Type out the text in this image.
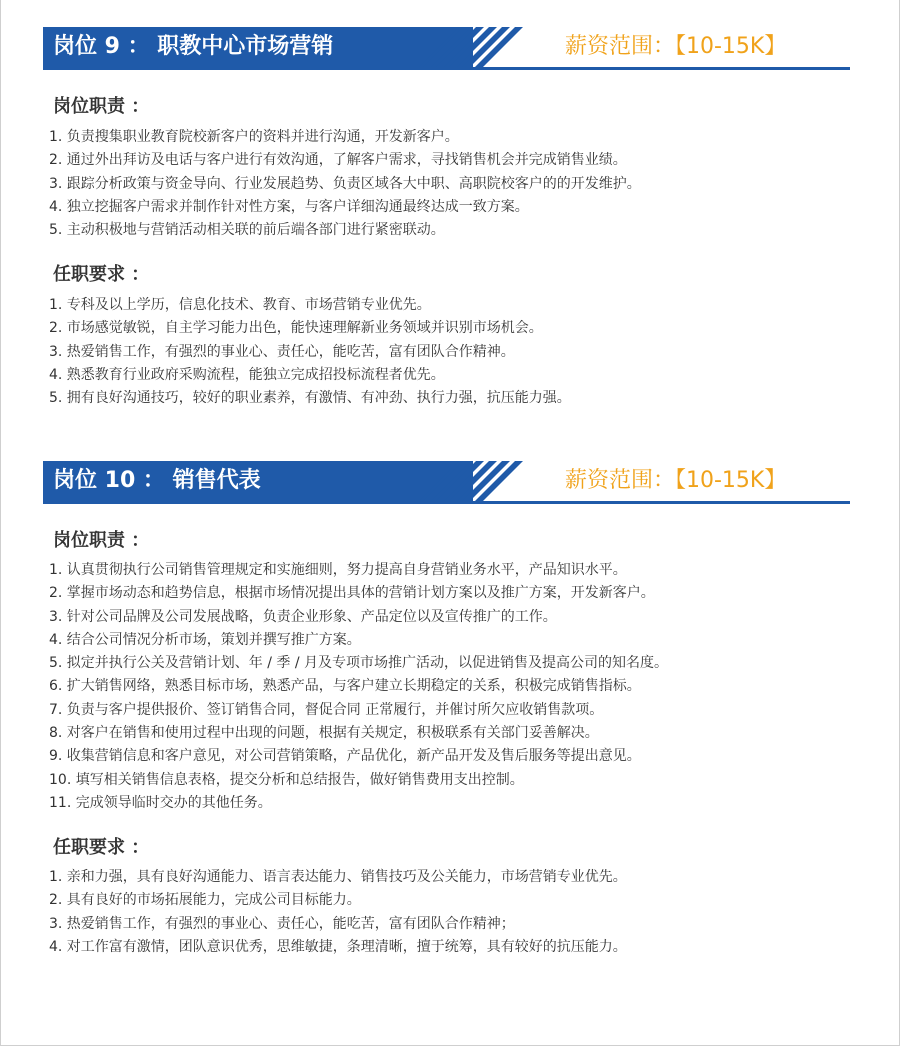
岗位 9 ： 职教中心市场营销	薪资范围：【10-15K】
岗位职责 ：
1. 负责搜集职业教育院校新客户的资料并进行沟通，开发新客户。
2. 通过外出拜访及电话与客户进行有效沟通，了解客户需求，寻找销售机会并完成销售业绩。
3. 跟踪分析政策与资金导向、行业发展趋势、负责区域各大中职、高职院校客户的的开发维护。
4. 独立挖掘客户需求并制作针对性方案，与客户详细沟通最终达成一致方案。
5. 主动积极地与营销活动相关联的前后端各部门进行紧密联动。
任职要求 ：
1. 专科及以上学历，信息化技术、教育、市场营销专业优先。
2. 市场感觉敏锐，自主学习能力出色，能快速理解新业务领域并识别市场机会。
3. 热爱销售工作，有强烈的事业心、责任心，能吃苦，富有团队合作精神。
4. 熟悉教育行业政府采购流程，能独立完成招投标流程者优先。
5. 拥有良好沟通技巧，较好的职业素养，有激情、有冲劲、执行力强，抗压能力强。
岗位 10 ： 销售代表	薪资范围：【10-15K】
岗位职责 ：
1. 认真贯彻执行公司销售管理规定和实施细则，努力提高自身营销业务水平，产品知识水平。
2. 掌握市场动态和趋势信息，根据市场情况提出具体的营销计划方案以及推广方案，开发新客户。
3. 针对公司品牌及公司发展战略，负责企业形象、产品定位以及宣传推广的工作。
4. 结合公司情况分析市场，策划并撰写推广方案。
5. 拟定并执行公关及营销计划、年 / 季 / 月及专项市场推广活动，以促进销售及提高公司的知名度。
6. 扩大销售网络，熟悉目标市场，熟悉产品，与客户建立长期稳定的关系，积极完成销售指标。
7. 负责与客户提供报价、签订销售合同，督促合同 正常履行，并催讨所欠应收销售款项。
8. 对客户在销售和使用过程中出现的问题，根据有关规定，积极联系有关部门妥善解决。
9. 收集营销信息和客户意见，对公司营销策略，产品优化，新产品开发及售后服务等提出意见。
10. 填写相关销售信息表格，提交分析和总结报告，做好销售费用支出控制。
11. 完成领导临时交办的其他任务。
任职要求 ：
1. 亲和力强，具有良好沟通能力、语言表达能力、销售技巧及公关能力，市场营销专业优先。
2. 具有良好的市场拓展能力，完成公司目标能力。
3. 热爱销售工作，有强烈的事业心、责任心，能吃苦，富有团队合作精神；
4. 对工作富有激情，团队意识优秀，思维敏捷，条理清晰，擅于统筹，具有较好的抗压能力。
